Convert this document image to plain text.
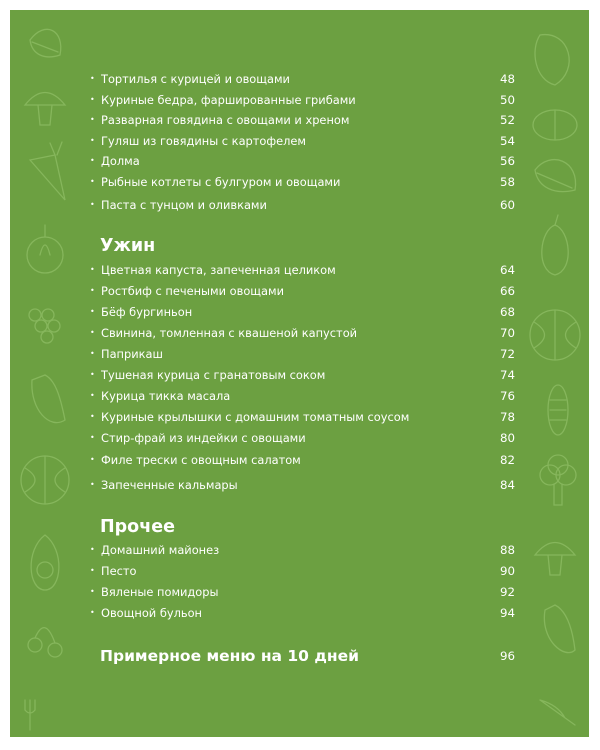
• Тортилья с курицей и овощами	48
• Куриные бедра, фаршированные грибами	50
• Разварная говядина с овощами и хреном	52
• Гуляш из говядины с картофелем	54
• Долма	56
• Рыбные котлеты с булгуром и овощами	58
• Паста с тунцом и оливками	60
Ужин
• Цветная капуста, запеченная целиком	64
• Ростбиф с печеными овощами	66
• Бёф бургиньон	68
• Свинина, томленная с квашеной капустой	70
• Паприкаш	72
• Тушеная курица с гранатовым соком	74
• Курица тикка масала	76
• Куриные крылышки с домашним томатным соусом	78
• Стир-фрай из индейки с овощами	80
• Филе трески с овощным салатом	82
• Запеченные кальмары	84
Прочее
• Домашний майонез	88
• Песто	90
• Вяленые помидоры	92
• Овощной бульон	94
Примерное меню на 10 дней	96
